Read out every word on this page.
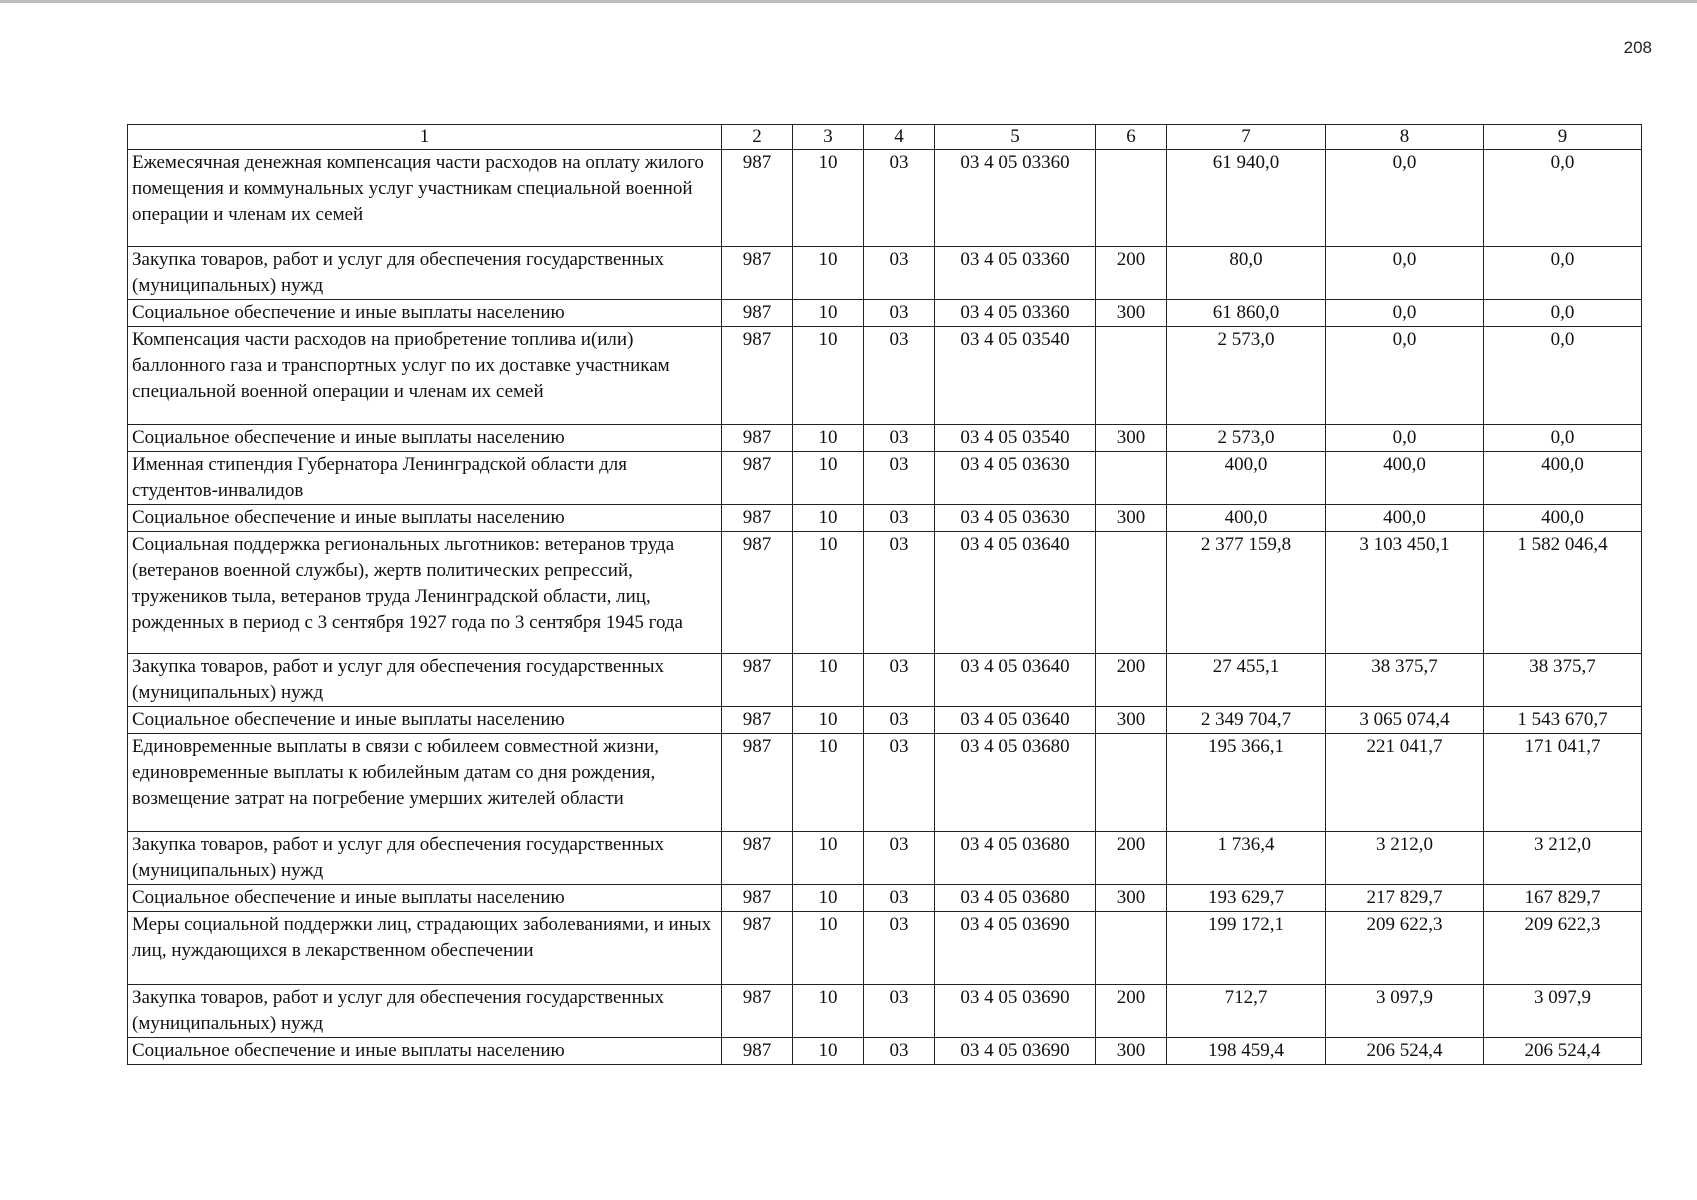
208
1	2	3	4	5	6	7	8	9
Ежемесячная денежная компенсация части расходов на оплату жилого помещения и коммунальных услуг участникам специальной военной операции и членам их семей	987	10	03	03 4 05 03360		61 940,0	0,0	0,0
Закупка товаров, работ и услуг для обеспечения государственных (муниципальных) нужд	987	10	03	03 4 05 03360	200	80,0	0,0	0,0
Социальное обеспечение и иные выплаты населению	987	10	03	03 4 05 03360	300	61 860,0	0,0	0,0
Компенсация части расходов на приобретение топлива и(или) баллонного газа и транспортных услуг по их доставке участникам специальной военной операции и членам их семей	987	10	03	03 4 05 03540		2 573,0	0,0	0,0
Социальное обеспечение и иные выплаты населению	987	10	03	03 4 05 03540	300	2 573,0	0,0	0,0
Именная стипендия Губернатора Ленинградской области для студентов-инвалидов	987	10	03	03 4 05 03630		400,0	400,0	400,0
Социальное обеспечение и иные выплаты населению	987	10	03	03 4 05 03630	300	400,0	400,0	400,0
Социальная поддержка региональных льготников: ветеранов труда (ветеранов военной службы), жертв политических репрессий, тружеников тыла, ветеранов труда Ленинградской области, лиц, рожденных в период с 3 сентября 1927 года по 3 сентября 1945 года	987	10	03	03 4 05 03640		2 377 159,8	3 103 450,1	1 582 046,4
Закупка товаров, работ и услуг для обеспечения государственных (муниципальных) нужд	987	10	03	03 4 05 03640	200	27 455,1	38 375,7	38 375,7
Социальное обеспечение и иные выплаты населению	987	10	03	03 4 05 03640	300	2 349 704,7	3 065 074,4	1 543 670,7
Единовременные выплаты в связи с юбилеем совместной жизни, единовременные выплаты к юбилейным датам со дня рождения, возмещение затрат на погребение умерших жителей области	987	10	03	03 4 05 03680		195 366,1	221 041,7	171 041,7
Закупка товаров, работ и услуг для обеспечения государственных (муниципальных) нужд	987	10	03	03 4 05 03680	200	1 736,4	3 212,0	3 212,0
Социальное обеспечение и иные выплаты населению	987	10	03	03 4 05 03680	300	193 629,7	217 829,7	167 829,7
Меры социальной поддержки лиц, страдающих заболеваниями, и иных лиц, нуждающихся в лекарственном обеспечении	987	10	03	03 4 05 03690		199 172,1	209 622,3	209 622,3
Закупка товаров, работ и услуг для обеспечения государственных (муниципальных) нужд	987	10	03	03 4 05 03690	200	712,7	3 097,9	3 097,9
Социальное обеспечение и иные выплаты населению	987	10	03	03 4 05 03690	300	198 459,4	206 524,4	206 524,4
